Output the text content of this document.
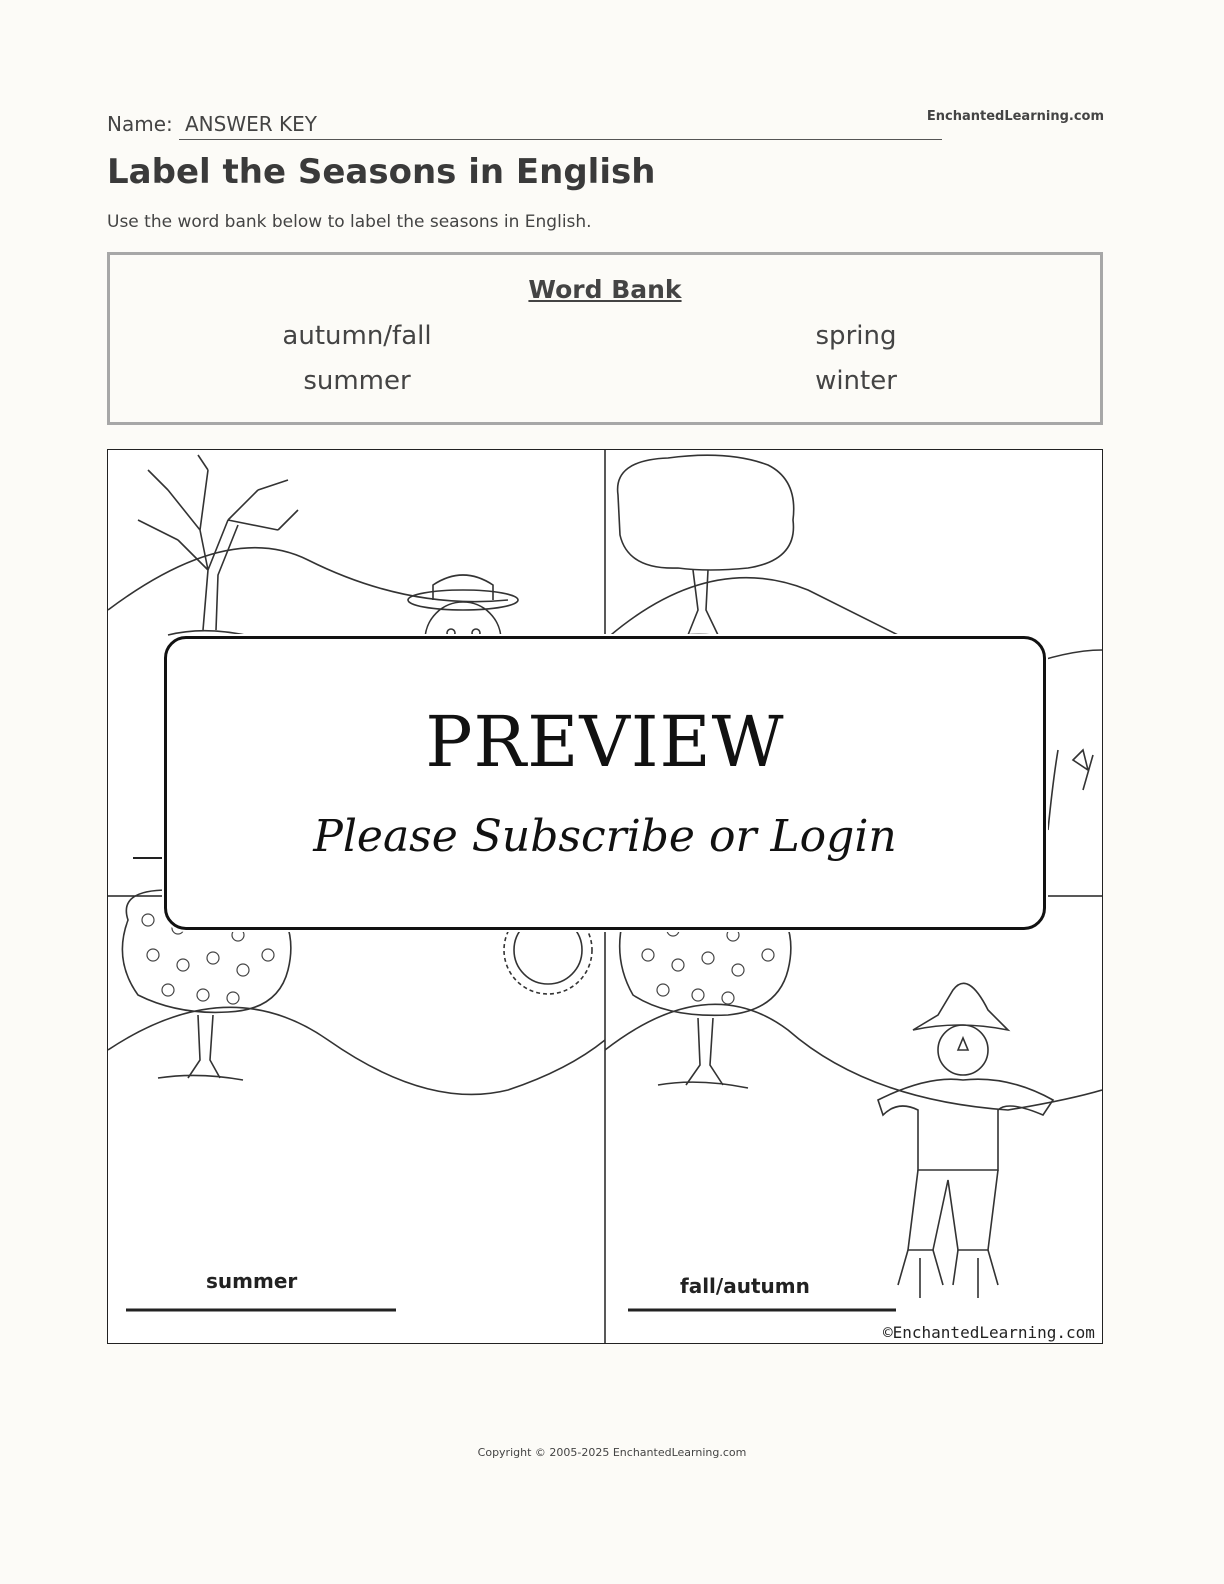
Name: ANSWER KEY	EnchantedLearning.com
Label the Seasons in English
Use the word bank below to label the seasons in English.
Word Bank
autumn/fall	spring
summer	winter
summer	fall/autumn
©EnchantedLearning.com
PREVIEW
Please Subscribe or Login
Copyright © 2005-2025 EnchantedLearning.com
